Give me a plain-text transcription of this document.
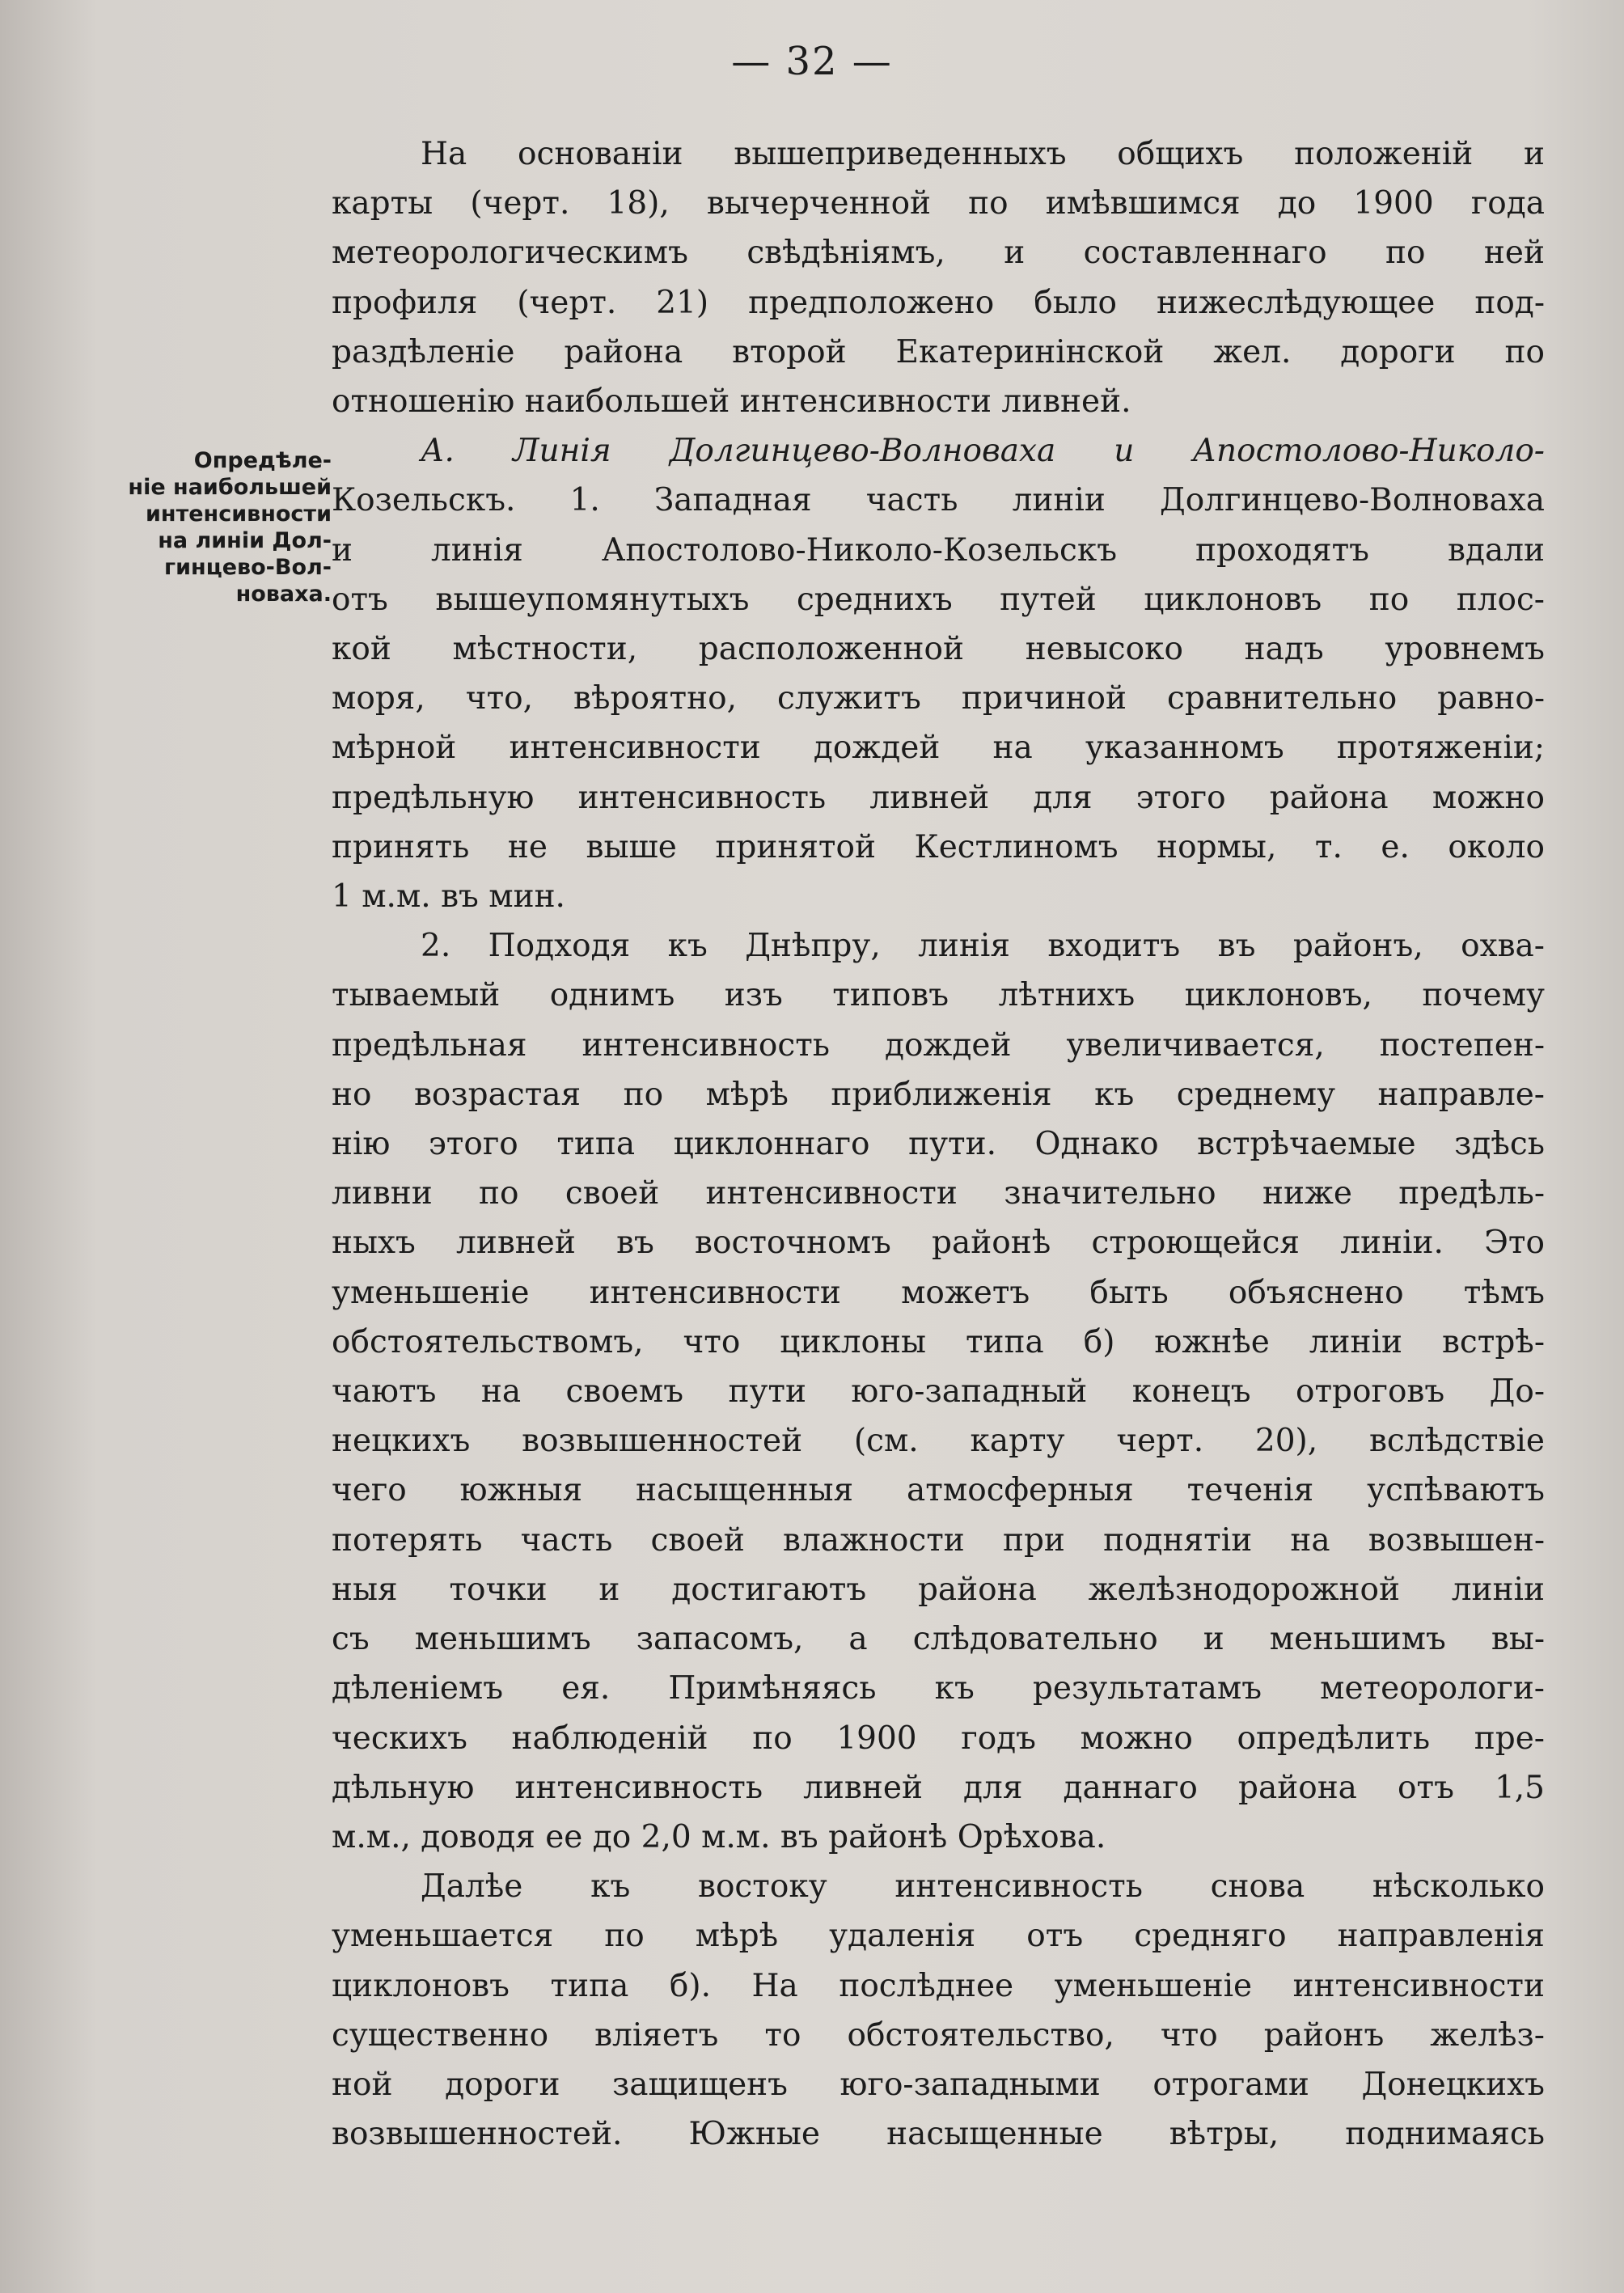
— 32 —
Опредѣле-
ніе наибольшей
интенсивности
на линіи Дол-
гинцево-Вол-
новаха.
На основаніи вышеприведенныхъ общихъ положеній и
карты (черт. 18), вычерченной по имѣвшимся до 1900 года
метеорологическимъ свѣдѣніямъ, и составленнаго по ней
профиля (черт. 21) предположено было нижеслѣдующее под-
раздѣленіе района второй Екатеринінской жел. дороги по
отношенію наибольшей интенсивности ливней.
А. Линія Долгинцево-Волноваха и Апостолово-Николо-
Козельскъ. 1. Западная часть линіи Долгинцево-Волноваха
и линія Апостолово-Николо-Козельскъ проходятъ вдали
отъ вышеупомянутыхъ среднихъ путей циклоновъ по плос-
кой мѣстности, расположенной невысоко надъ уровнемъ
моря, что, вѣроятно, служитъ причиной сравнительно равно-
мѣрной интенсивности дождей на указанномъ протяженіи;
предѣльную интенсивность ливней для этого района можно
принять не выше принятой Кестлиномъ нормы, т. е. около
1 м.м. въ мин.
2. Подходя къ Днѣпру, линія входитъ въ районъ, охва-
тываемый однимъ изъ типовъ лѣтнихъ циклоновъ, почему
предѣльная интенсивность дождей увеличивается, постепен-
но возрастая по мѣрѣ приближенія къ среднему направле-
нію этого типа циклоннаго пути. Однако встрѣчаемые здѣсь
ливни по своей интенсивности значительно ниже предѣль-
ныхъ ливней въ восточномъ районѣ строющейся линіи. Это
уменьшеніе интенсивности можетъ быть объяснено тѣмъ
обстоятельствомъ, что циклоны типа б) южнѣе линіи встрѣ-
чаютъ на своемъ пути юго-западный конецъ отроговъ До-
нецкихъ возвышенностей (см. карту черт. 20), вслѣдствіе
чего южныя насыщенныя атмосферныя теченія успѣваютъ
потерять часть своей влажности при поднятіи на возвышен-
ныя точки и достигаютъ района желѣзнодорожной линіи
съ меньшимъ запасомъ, а слѣдовательно и меньшимъ вы-
дѣленіемъ ея. Примѣняясь къ результатамъ метеорологи-
ческихъ наблюденій по 1900 годъ можно опредѣлить пре-
дѣльную интенсивность ливней для даннаго района отъ 1,5
м.м., доводя ее до 2,0 м.м. въ районѣ Орѣхова.
Далѣе къ востоку интенсивность снова нѣсколько
уменьшается по мѣрѣ удаленія отъ средняго направленія
циклоновъ типа б). На послѣднее уменьшеніе интенсивности
существенно вліяетъ то обстоятельство, что районъ желѣз-
ной дороги защищенъ юго-западными отрогами Донецкихъ
возвышенностей. Южные насыщенные вѣтры, поднимаясь
